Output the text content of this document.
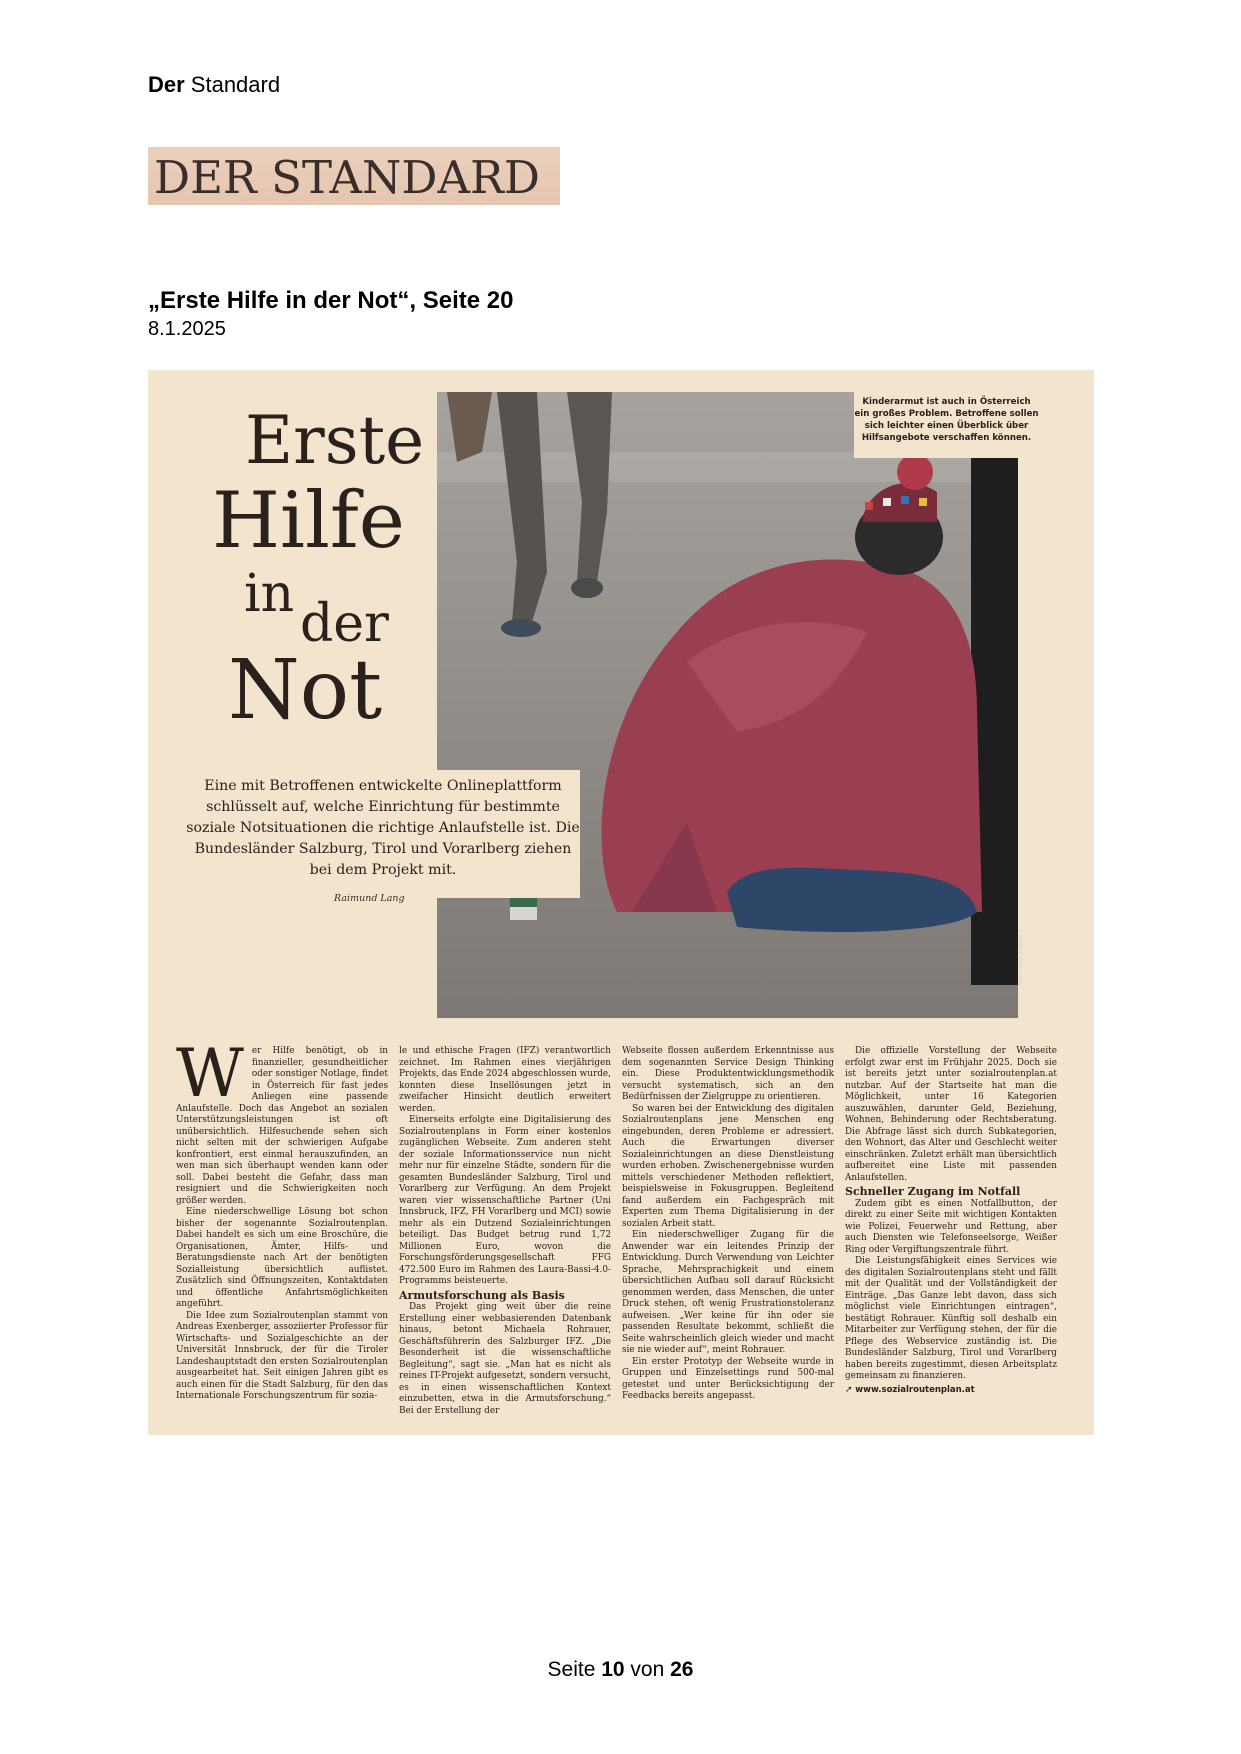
Der Standard
DER STANDARD
„Erste Hilfe in der Not“, Seite 20
8.1.2025
Erste
Hilfe
in der
Not
Kinderarmut ist auch in Österreich ein großes Problem. Betroffene sollen sich leichter einen Überblick über Hilfsangebote verschaffen können.
Eine mit Betroffenen entwickelte Onlineplattform schlüsselt auf, welche Einrichtung für bestimmte soziale Notsituationen die richtige Anlaufstelle ist. Die Bundesländer Salzburg, Tirol und Vorarlberg ziehen bei dem Projekt mit.
Raimund Lang
Foto: Getty Images
W er Hilfe benötigt, ob in finanzieller, gesundheitlicher oder sonstiger Notlage, findet in Österreich für fast jedes Anliegen eine passende Anlaufstelle. Doch das Angebot an sozialen Unterstützungsleistungen ist oft unübersichtlich. Hilfesuchende sehen sich nicht selten mit der schwierigen Aufgabe konfrontiert, erst einmal herauszufinden, an wen man sich überhaupt wenden kann oder soll. Dabei besteht die Gefahr, dass man resigniert und die Schwierigkeiten noch größer werden.

Eine niederschwellige Lösung bot schon bisher der sogenannte Sozialroutenplan. Dabei handelt es sich um eine Broschüre, die Organisationen, Ämter, Hilfs- und Beratungsdienste nach Art der benötigten Sozialleistung übersichtlich auflistet. Zusätzlich sind Öffnungszeiten, Kontaktdaten und öffentliche Anfahrtsmöglichkeiten angeführt.

Die Idee zum Sozialroutenplan stammt von Andreas Exenberger, assoziierter Professor für Wirtschafts- und Sozialgeschichte an der Universität Innsbruck, der für die Tiroler Landeshauptstadt den ersten Sozialroutenplan ausgearbeitet hat. Seit einigen Jahren gibt es auch einen für die Stadt Salzburg, für den das Internationale Forschungszentrum für sozia-

le und ethische Fragen (IFZ) verantwortlich zeichnet. Im Rahmen eines vierjährigen Projekts, das Ende 2024 abgeschlossen wurde, konnten diese Insellösungen jetzt in zweifacher Hinsicht deutlich erweitert werden.

Einerseits erfolgte eine Digitalisierung des Sozialroutenplans in Form einer kostenlos zugänglichen Webseite. Zum anderen steht der soziale Informationsservice nun nicht mehr nur für einzelne Städte, sondern für die gesamten Bundesländer Salzburg, Tirol und Vorarlberg zur Verfügung. An dem Projekt waren vier wissenschaftliche Partner (Uni Innsbruck, IFZ, FH Vorarlberg und MCI) sowie mehr als ein Dutzend Sozialeinrichtungen beteiligt. Das Budget betrug rund 1,72 Millionen Euro, wovon die Forschungsförderungsgesellschaft FFG 472.500 Euro im Rahmen des Laura-Bassi-4.0-Programms beisteuerte.

Armutsforschung als Basis

Das Projekt ging weit über die reine Erstellung einer webbasierenden Datenbank hinaus, betont Michaela Rohrauer, Geschäftsführerin des Salzburger IFZ. „Die Besonderheit ist die wissenschaftliche Begleitung“, sagt sie. „Man hat es nicht als reines IT-Projekt aufgesetzt, sondern versucht, es in einen wissenschaftlichen Kontext einzubetten, etwa in die Armutsforschung.“ Bei der Erstellung der

Webseite flossen außerdem Erkenntnisse aus dem sogenannten Service Design Thinking ein. Diese Produktentwicklungsmethodik versucht systematisch, sich an den Bedürfnissen der Zielgruppe zu orientieren.

So waren bei der Entwicklung des digitalen Sozialroutenplans jene Menschen eng eingebunden, deren Probleme er adressiert. Auch die Erwartungen diverser Sozialeinrichtungen an diese Dienstleistung wurden erhoben. Zwischenergebnisse wurden mittels verschiedener Methoden reflektiert, beispielsweise in Fokusgruppen. Begleitend fand außerdem ein Fachgespräch mit Experten zum Thema Digitalisierung in der sozialen Arbeit statt.

Ein niederschwelliger Zugang für die Anwender war ein leitendes Prinzip der Entwicklung. Durch Verwendung von Leichter Sprache, Mehrsprachigkeit und einem übersichtlichen Aufbau soll darauf Rücksicht genommen werden, dass Menschen, die unter Druck stehen, oft wenig Frustrationstoleranz aufweisen. „Wer keine für ihn oder sie passenden Resultate bekommt, schließt die Seite wahrscheinlich gleich wieder und macht sie nie wieder auf“, meint Rohrauer.

Ein erster Prototyp der Webseite wurde in Gruppen und Einzelsettings rund 500-mal getestet und unter Berücksichtigung der Feedbacks bereits angepasst.

Die offizielle Vorstellung der Webseite erfolgt zwar erst im Frühjahr 2025. Doch sie ist bereits jetzt unter sozialroutenplan.at nutzbar. Auf der Startseite hat man die Möglichkeit, unter 16 Kategorien auszuwählen, darunter Geld, Beziehung, Wohnen, Behinderung oder Rechtsberatung. Die Abfrage lässt sich durch Subkategorien, den Wohnort, das Alter und Geschlecht weiter einschränken. Zuletzt erhält man übersichtlich aufbereitet eine Liste mit passenden Anlaufstellen.

Schneller Zugang im Notfall

Zudem gibt es einen Notfallbutton, der direkt zu einer Seite mit wichtigen Kontakten wie Polizei, Feuerwehr und Rettung, aber auch Diensten wie Telefonseelsorge, Weißer Ring oder Vergiftungszentrale führt.

Die Leistungsfähigkeit eines Services wie des digitalen Sozialroutenplans steht und fällt mit der Qualität und der Vollständigkeit der Einträge. „Das Ganze lebt davon, dass sich möglichst viele Einrichtungen eintragen“, bestätigt Rohrauer. Künftig soll deshalb ein Mitarbeiter zur Verfügung stehen, der für die Pflege des Webservice zuständig ist. Die Bundesländer Salzburg, Tirol und Vorarlberg haben bereits zugestimmt, diesen Arbeitsplatz gemeinsam zu finanzieren.

➚ www.sozialroutenplan.at
Seite 10 von 26
